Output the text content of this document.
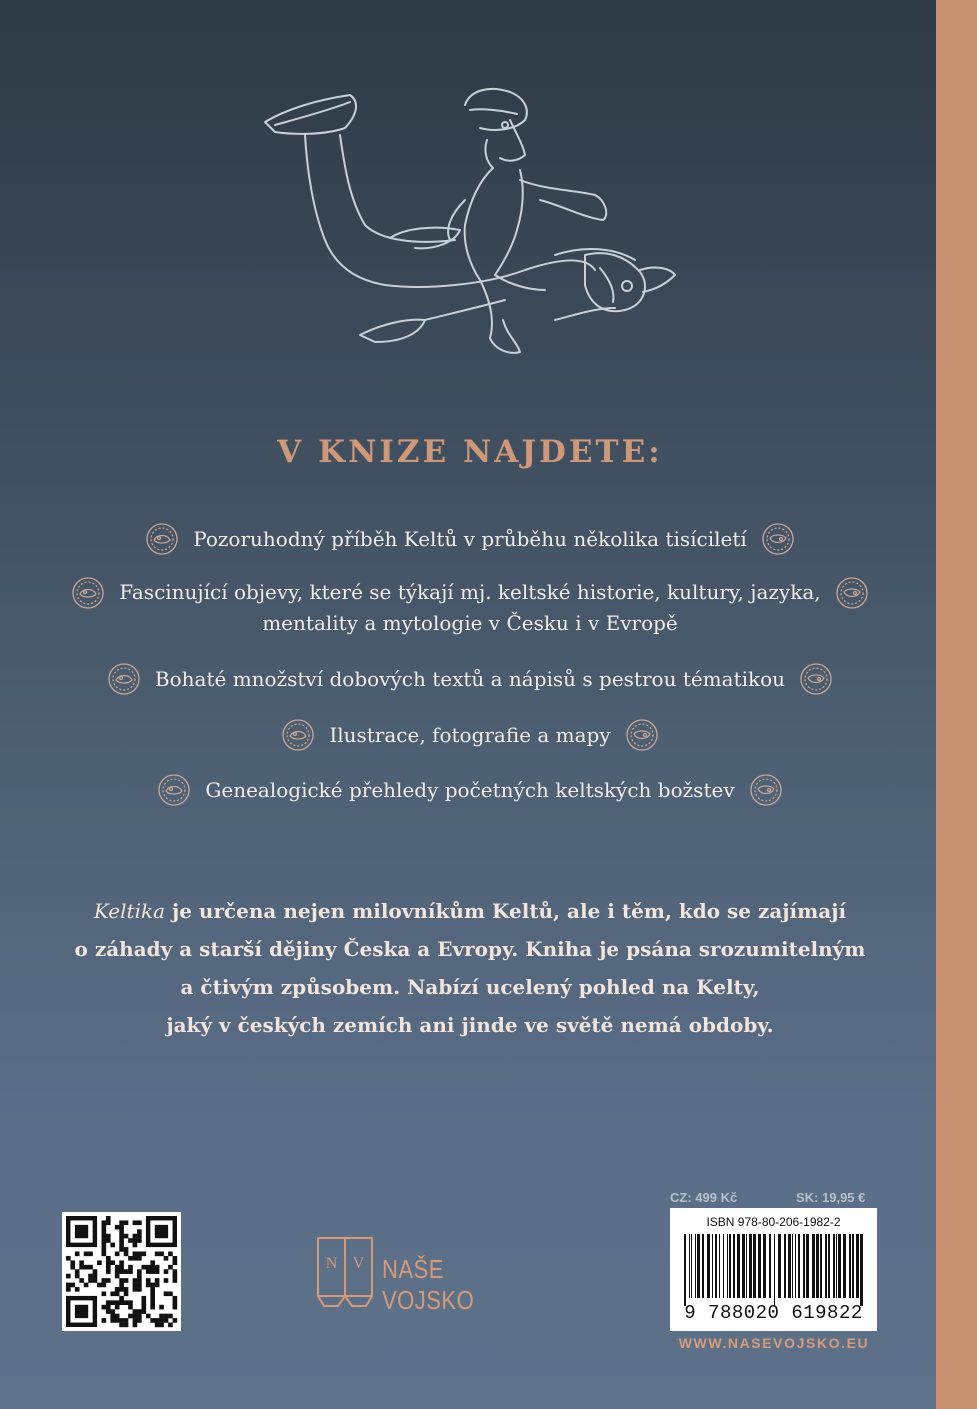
V KNIZE NAJDETE:
Pozoruhodný příběh Keltů v průběhu několika tisíciletí
Fascinující objevy, které se týkají mj. keltské historie, kultury, jazyka,
mentality a mytologie v Česku i v Evropě
Bohaté množství dobových textů a nápisů s pestrou tématikou
Ilustrace, fotografie a mapy
Genealogické přehledy početných keltských božstev
Keltika je určena nejen milovníkům Keltů, ale i těm, kdo se zajímají
o záhady a starší dějiny Česka a Evropy. Kniha je psána srozumitelným
a čtivým způsobem. Nabízí ucelený pohled na Kelty,
jaký v českých zemích ani jinde ve světě nemá obdoby.
N V NAŠE VOJSKO
CZ: 499 Kč	SK: 19,95 €
ISBN 978-80-206-1982-2
9 788020 619822
WWW.NASEVOJSKO.EU
